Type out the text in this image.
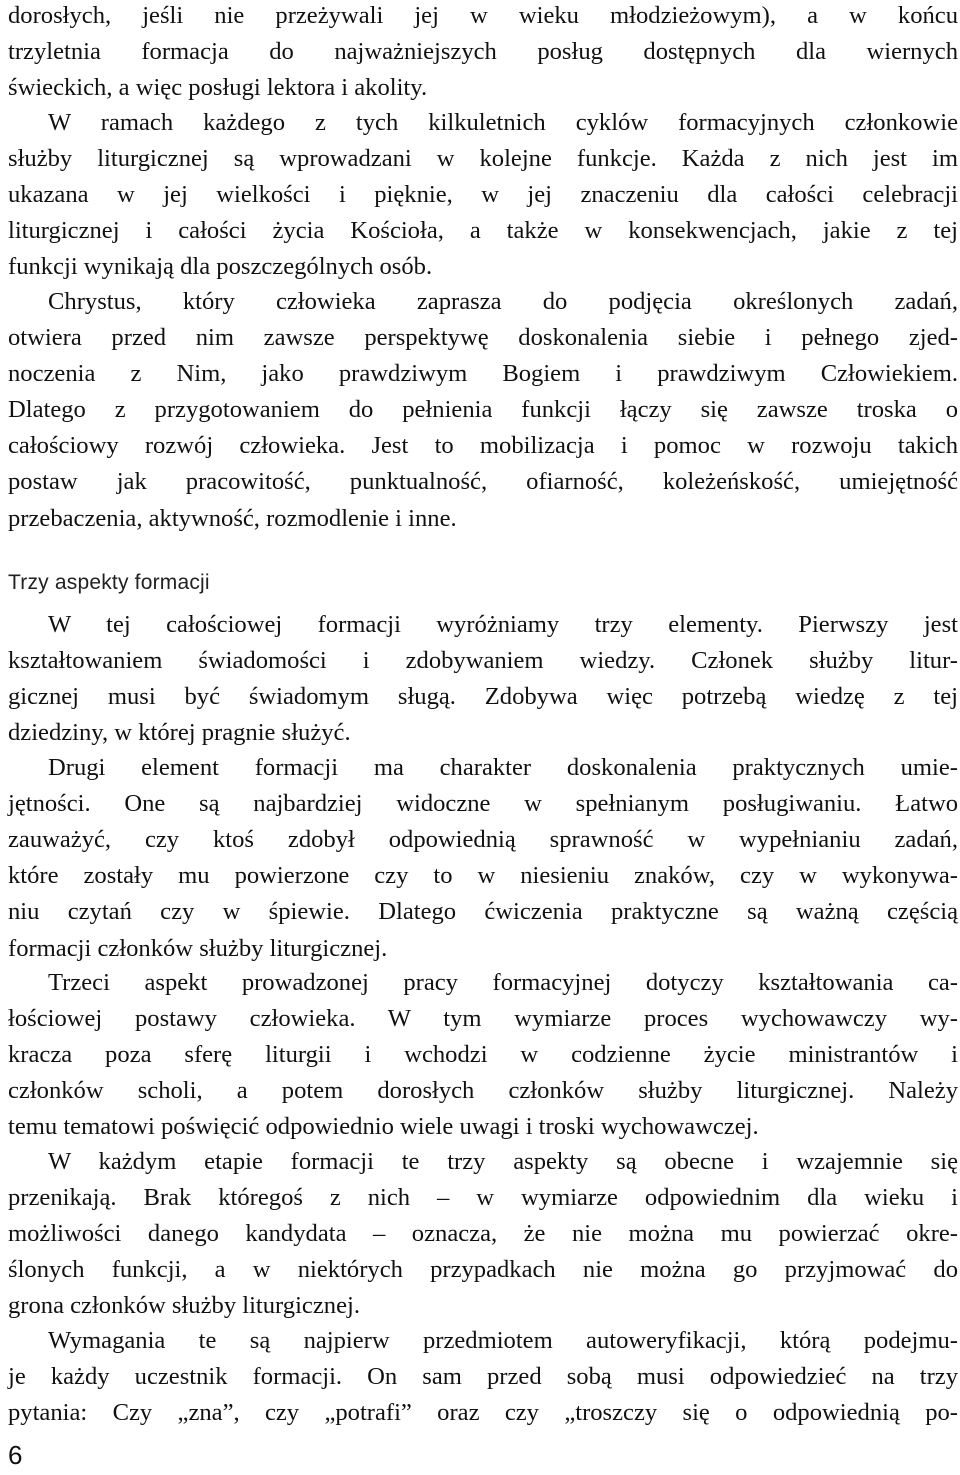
dorosłych, jeśli nie przeżywali jej w wieku młodzieżowym), a w końcu
trzyletnia formacja do najważniejszych posług dostępnych dla wiernych
świeckich, a więc posługi lektora i akolity.
W ramach każdego z tych kilkuletnich cyklów formacyjnych członkowie
służby liturgicznej są wprowadzani w kolejne funkcje. Każda z nich jest im
ukazana w jej wielkości i pięknie, w jej znaczeniu dla całości celebracji
liturgicznej i całości życia Kościoła, a także w konsekwencjach, jakie z tej
funkcji wynikają dla poszczególnych osób.
Chrystus, który człowieka zaprasza do podjęcia określonych zadań,
otwiera przed nim zawsze perspektywę doskonalenia siebie i pełnego zjed-
noczenia z Nim, jako prawdziwym Bogiem i prawdziwym Człowiekiem.
Dlatego z przygotowaniem do pełnienia funkcji łączy się zawsze troska o
całościowy rozwój człowieka. Jest to mobilizacja i pomoc w rozwoju takich
postaw jak pracowitość, punktualność, ofiarność, koleżeńskość, umiejętność
przebaczenia, aktywność, rozmodlenie i inne.
Trzy aspekty formacji
W tej całościowej formacji wyróżniamy trzy elementy. Pierwszy jest
kształtowaniem świadomości i zdobywaniem wiedzy. Członek służby litur-
gicznej musi być świadomym sługą. Zdobywa więc potrzebą wiedzę z tej
dziedziny, w której pragnie służyć.
Drugi element formacji ma charakter doskonalenia praktycznych umie-
jętności. One są najbardziej widoczne w spełnianym posługiwaniu. Łatwo
zauważyć, czy ktoś zdobył odpowiednią sprawność w wypełnianiu zadań,
które zostały mu powierzone czy to w niesieniu znaków, czy w wykonywa-
niu czytań czy w śpiewie. Dlatego ćwiczenia praktyczne są ważną częścią
formacji członków służby liturgicznej.
Trzeci aspekt prowadzonej pracy formacyjnej dotyczy kształtowania ca-
łościowej postawy człowieka. W tym wymiarze proces wychowawczy wy-
kracza poza sferę liturgii i wchodzi w codzienne życie ministrantów i
członków scholi, a potem dorosłych członków służby liturgicznej. Należy
temu tematowi poświęcić odpowiednio wiele uwagi i troski wychowawczej.
W każdym etapie formacji te trzy aspekty są obecne i wzajemnie się
przenikają. Brak któregoś z nich – w wymiarze odpowiednim dla wieku i
możliwości danego kandydata – oznacza, że nie można mu powierzać okre-
ślonych funkcji, a w niektórych przypadkach nie można go przyjmować do
grona członków służby liturgicznej.
Wymagania te są najpierw przedmiotem autoweryfikacji, którą podejmu-
je każdy uczestnik formacji. On sam przed sobą musi odpowiedzieć na trzy
pytania: Czy „zna”, czy „potrafi” oraz czy „troszczy się o odpowiednią po-
6
